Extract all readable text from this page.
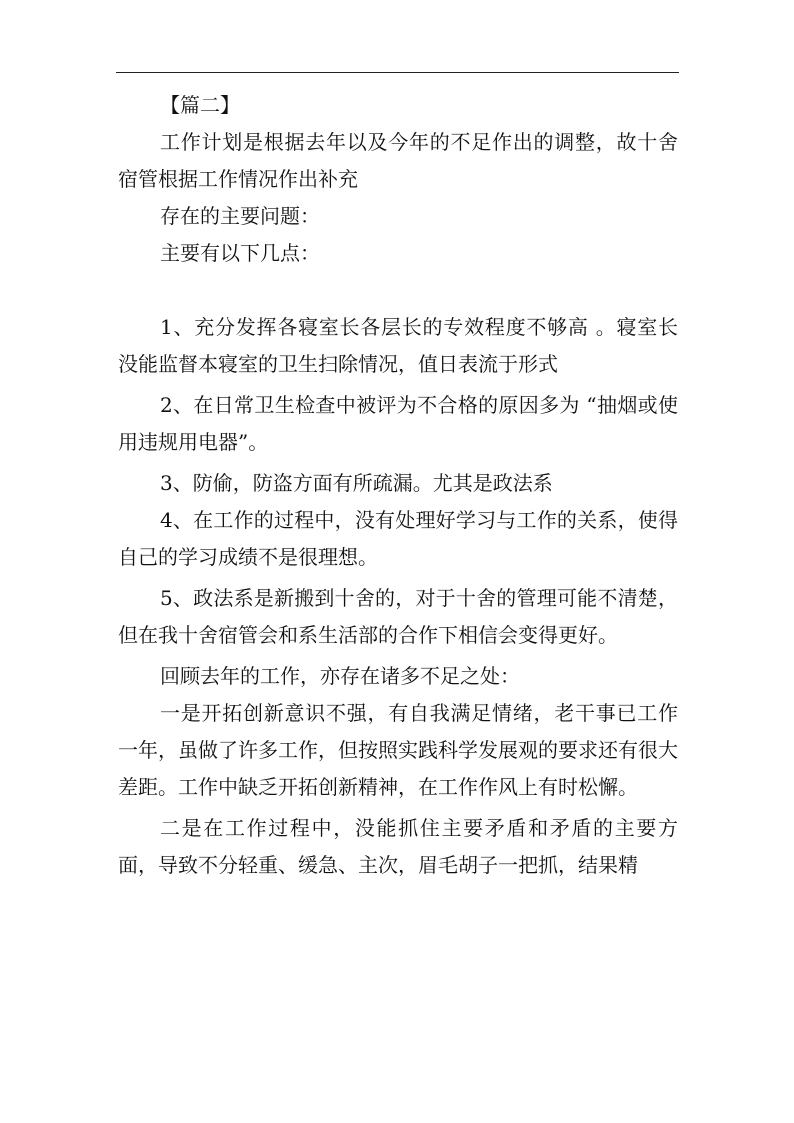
【篇二】

工作计划是根据去年以及今年的不足作出的调整，故十舍宿管根据工作情况作出补充

存在的主要问题：

主要有以下几点：

1、充分发挥各寝室长各层长的专效程度不够高 。寝室长没能监督本寝室的卫生扫除情况，值日表流于形式

2、在日常卫生检查中被评为不合格的原因多为 “抽烟或使用违规用电器”。

3、防偷，防盗方面有所疏漏。尤其是政法系

4、在工作的过程中，没有处理好学习与工作的关系，使得自己的学习成绩不是很理想。

5、政法系是新搬到十舍的，对于十舍的管理可能不清楚，但在我十舍宿管会和系生活部的合作下相信会变得更好。

回顾去年的工作，亦存在诸多不足之处：

一是开拓创新意识不强，有自我满足情绪，老干事已工作一年，虽做了许多工作，但按照实践科学发展观的要求还有很大差距。工作中缺乏开拓创新精神，在工作作风上有时松懈。

二是在工作过程中，没能抓住主要矛盾和矛盾的主要方面，导致不分轻重、缓急、主次，眉毛胡子一把抓，结果精
